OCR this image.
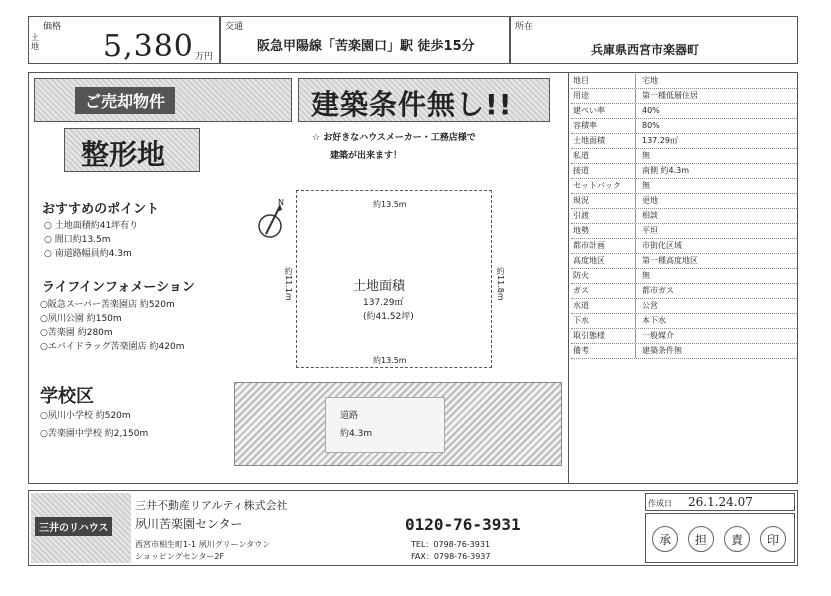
土地
価格
5,380 万円
交通
阪急甲陽線「苦楽園口」駅 徒歩15分
所在
兵庫県西宮市楽器町
ご売却物件	建築条件無し!!
整形地	☆ お好きなハウスメーカー・工務店様で
建築が出来ます！
おすすめのポイント
○ 土地面積約41坪有り
○ 間口約13.5m
○ 南道路幅員約4.3m
ライフインフォメーション
○阪急スーパー苦楽園店 約520m
○夙川公園 約150m
○苦楽園 約280m
○エバイドラッグ苦楽園店 約420m
学校区
○夙川小学校 約520m
○苦楽園中学校 約2,150m
N	約13.5m
約11.1m	約11.8m
土地面積
137.29㎡
(約41.52坪)
約13.5m
道路
約4.3m
地目	宅地
用途	第一種低層住居
建ぺい率	40%
容積率	80%
土地面積	137.29㎡
私道	無
接道	南側 約4.3m
セットバック	無
現況	更地
引渡	相談
地勢	平坦
都市計画	市街化区域
高度地区	第一種高度地区
防火	無
ガス	都市ガス
水道	公営
下水	本下水
取引態様	一般媒介
備考	建築条件無
三井のリハウス
三井不動産リアルティ株式会社
夙川苦楽園センター
西宮市相生町1-1 夙川グリーンタウン
ショッピングセンター2F
0120-76-3931
TEL：0798-76-3931
FAX：0798-76-3937
作成日 26.1.24.07
承	担	責	印
